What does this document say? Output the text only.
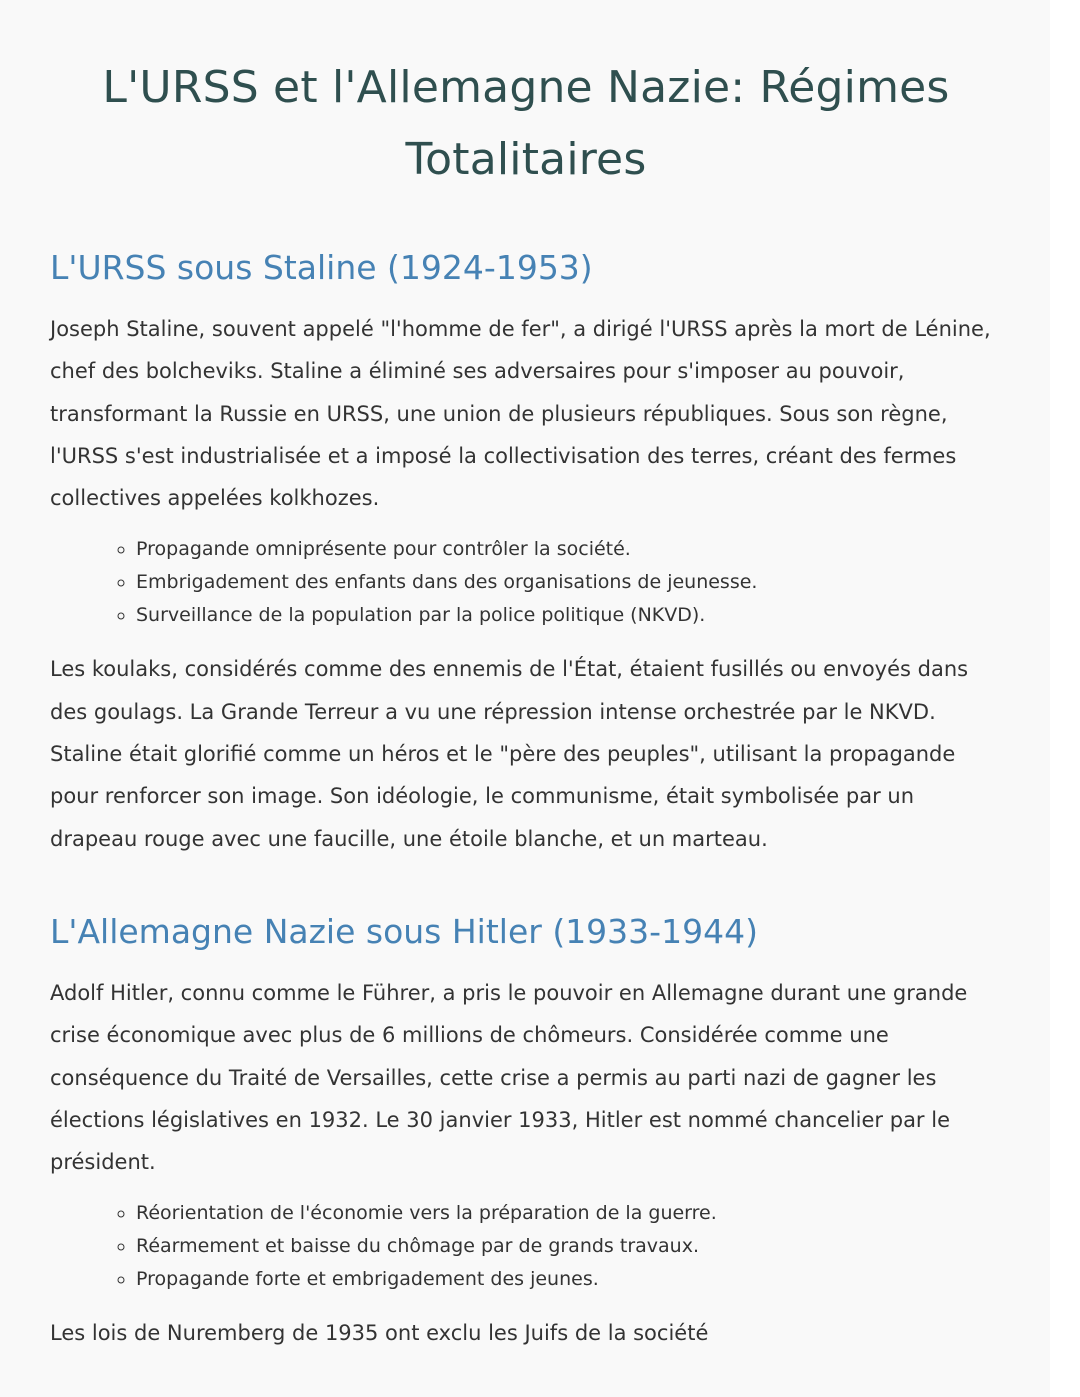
L'URSS et l'Allemagne Nazie: Régimes Totalitaires
L'URSS sous Staline (1924-1953)

Joseph Staline, souvent appelé "l'homme de fer", a dirigé l'URSS après la mort de Lénine, chef des bolcheviks. Staline a éliminé ses adversaires pour s'imposer au pouvoir, transformant la Russie en URSS, une union de plusieurs républiques. Sous son règne, l'URSS s'est industrialisée et a imposé la collectivisation des terres, créant des fermes collectives appelées kolkhozes.

◦ Propagande omniprésente pour contrôler la société.
◦ Embrigadement des enfants dans des organisations de jeunesse.
◦ Surveillance de la population par la police politique (NKVD).

Les koulaks, considérés comme des ennemis de l'État, étaient fusillés ou envoyés dans des goulags. La Grande Terreur a vu une répression intense orchestrée par le NKVD. Staline était glorifié comme un héros et le "père des peuples", utilisant la propagande pour renforcer son image. Son idéologie, le communisme, était symbolisée par un drapeau rouge avec une faucille, une étoile blanche, et un marteau.

L'Allemagne Nazie sous Hitler (1933-1944)

Adolf Hitler, connu comme le Führer, a pris le pouvoir en Allemagne durant une grande crise économique avec plus de 6 millions de chômeurs. Considérée comme une conséquence du Traité de Versailles, cette crise a permis au parti nazi de gagner les élections législatives en 1932. Le 30 janvier 1933, Hitler est nommé chancelier par le président.

◦ Réorientation de l'économie vers la préparation de la guerre.
◦ Réarmement et baisse du chômage par de grands travaux.
◦ Propagande forte et embrigadement des jeunes.

Les lois de Nuremberg de 1935 ont exclu les Juifs de la société
